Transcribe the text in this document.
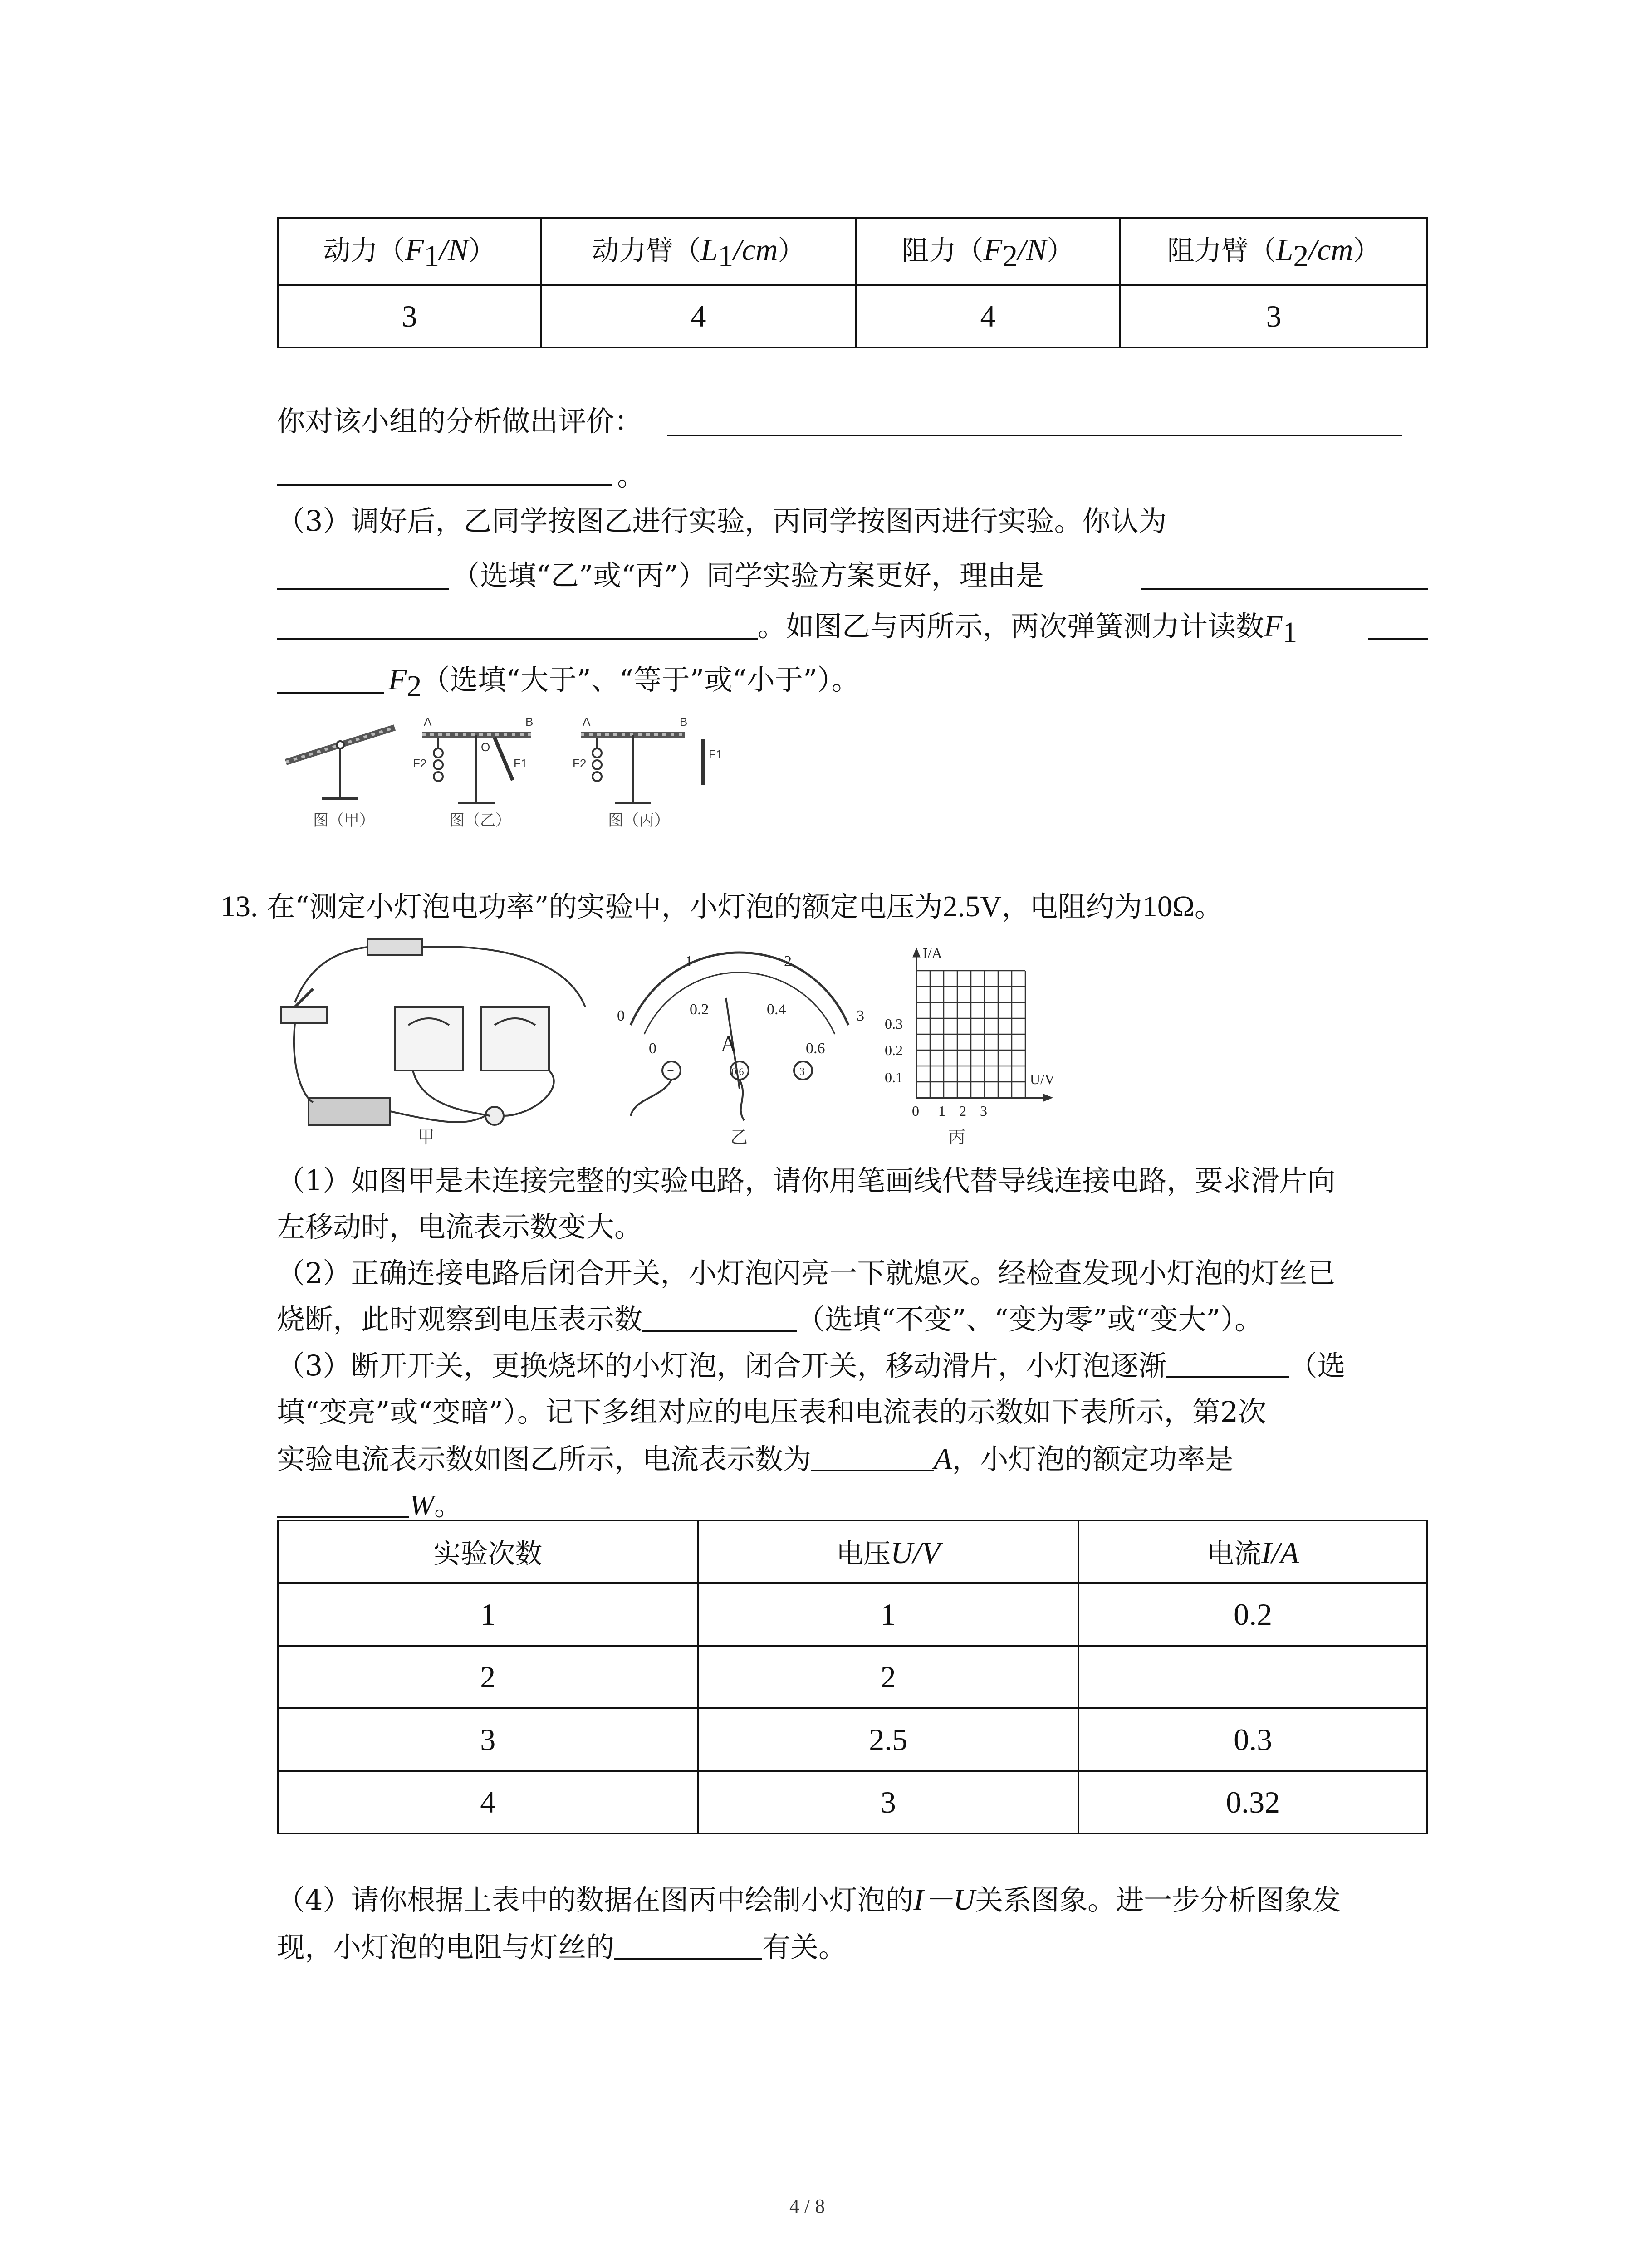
动力$(F_1/N)$	动力臂$(L_1/cm)$	阻力$(F_2/N)$	阻力臂$(L_2/cm)$
3	4	4	3
你对该小组的分析做出评价：
。
（3）调好后，乙同学按图乙进行实验，丙同学按图丙进行实验。你认为
（选填“乙”或“丙”）同学实验方案更好，理由是
。如图乙与丙所示，两次弹簧测力计读数$F_1$
$F_2$（选填“大于”、“等于”或“小于”）。
A	B
O
F2	F1
A	B
F2
F1
图（甲）	图（乙）	图（丙）
13. 在“测定小灯泡电功率”的实验中，小灯泡的额定电压为2.5V，电阻约为10Ω。
甲
0
1	2
3
0
0.2	0.4
0.6
A
−	0.6	3
乙
I/A
U/V
0.3
0.2
0.1
0 1 2 3
丙
（1）如图甲是未连接完整的实验电路，请你用笔画线代替导线连接电路，要求滑片向
左移动时，电流表示数变大。
（2）正确连接电路后闭合开关，小灯泡闪亮一下就熄灭。经检查发现小灯泡的灯丝已
烧断，此时观察到电压表示数	（选填“不变”、“变为零”或“变大”）。
（3）断开开关，更换烧坏的小灯泡，闭合开关，移动滑片，小灯泡逐渐	（选
填“变亮”或“变暗”）。记下多组对应的电压表和电流表的示数如下表所示，第2次
实验电流表示数如图乙所示，电流表示数为	A，小灯泡的额定功率是
W。
实验次数	电压U/V	电流I/A
1	1	0.2
2	2	
3	2.5	0.3
4	3	0.32
（4）请你根据上表中的数据在图丙中绘制小灯泡的I－U关系图象。进一步分析图象发
现，小灯泡的电阻与灯丝的	有关。
4 / 8
